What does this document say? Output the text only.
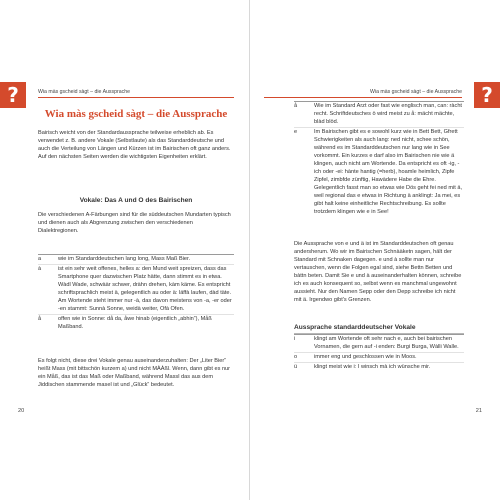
?	Wia màs gscheid sàgt – die Aussprache
Wia màs gscheid sàgt – die Aussprache

Bairisch weicht von der Standardaussprache teilweise erheblich ab. Es verwendet z. B. andere Vokale (Selbstlaute) als das Standarddeutsche und auch die Verteilung von Längen und Kürzen ist im Bairischen oft ganz anders. Auf den nächsten Seiten werden die wichtigsten Eigenheiten erklärt.

Vokale: Das A und O des Bairischen

Die verschiedenen A-Färbungen sind für die süddeutschen Mundarten typisch und dienen auch als Abgrenzung zwischen den verschiedenen Dialektregionen.

a	wie im Standarddeutschen lang long, Mass Maß Bier.
à	ist ein sehr weit offenes, helles a: den Mund weit spreizen, dass das Smartphone quer dazwischen Platz hätte, dann stimmt es in etwa. Wàdl Wade, schwààr schwer, dràhn drehen, kàm käme. Es entspricht schriftsprachlich meist ä, gelegentlich au oder ä: läffà laufen, dàd täte. Am Wortende steht immer nur -à, das davon meistens von -a, -er oder -en stammt: Sunnà Sonne, weidà weiter, Ofà Ofen.
å	offen wie in Sonne: då da, åwe hinab (eigentlich „abhin“), Måß Maßband.

Es folgt nicht, diese drei Vokale genau auseinanderzuhalten: Der „Liter Bier“ heißt Mass (mit bittschön kurzem a) und nicht MÀÀßl. Wenn, dann gibt es nur ein Måß, das ist das Maß oder Maßband, während Massl das aus dem Jiddischen stammende masel ist und „Glück“ bedeutet.

20
?
Wia màs gscheid sàgt – die Aussprache
å	Wie im Standard Arzt oder fast wie englisch man, can: ràcht recht. Schriftdeutsches ö wird meist zu å: mächt mächte, blàd blöd.
e	Im Bairischen gibt es e sowohl kurz wie in Bett Bett, Gfrett Schwierigkeiten als auch lang: ned nicht, schee schön, während es im Standarddeutschen nur lang wie in See vorkommt. Ein kurzes e darf also im Bairischen nie wie ä klingen, auch nicht am Wortende. Da entspricht es oft -ig, -ich oder -ei: hànte hantig (=herb), hoamle heimlich, Zipfe Zipfel, zimbfde zünftig, Hawàdere Habe die Ehre. Gelegentlich fasst man so etwas wie Dös geht fei ned mit ä, weil regional das e etwas in Richtung ä anklingt: Ja mei, es gibt halt keine einheitliche Rechtschreibung. Es sollte trotzdem klingen wie e in See!

Die Aussprache von e und ä ist im Standarddeutschen oft genau andersherum. Wo wir im Bairischen Schnààketn sagen, hält der Standard mit Schnaken dagegen. e und à sollte man nur vertauschen, wenn die Folgen egal sind, siehe Bettn Betten und bàttn beten. Damit Sie e und à auseinanderhalten können, schreibe ich es auch konsequent so, selbst wenn es manchmal ungewohnt aussieht. Nur den Namen Sepp oder den Depp schreibe ich nicht mit ä. Irgendwo gibt's Grenzen.

Aussprache standarddeutscher Vokale
i	klingt am Wortende oft sehr nach e, auch bei bairischen Vornamen, die gern auf -i enden: Burgi Burga, Wàlli Walle.
o	immer eng und geschlossen wie in Moos.
ü	klingt meist wie i: I winsch mà ich wünsche mir.
21
